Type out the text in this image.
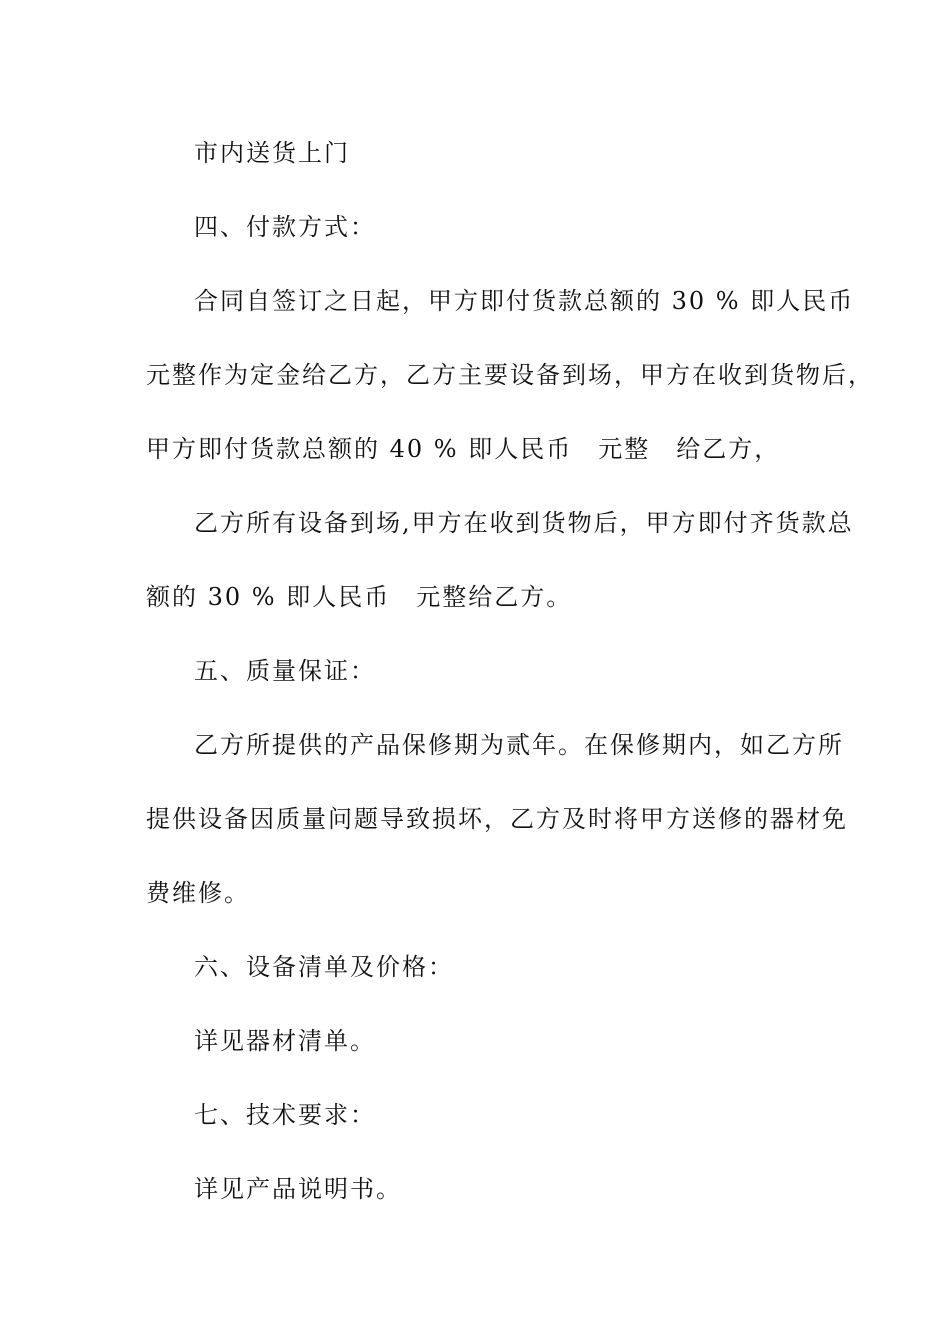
市内送货上门
四、付款方式：
合同自签订之日起，甲方即付货款总额的 30 % 即人民币
元整作为定金给乙方，乙方主要设备到场，甲方在收到货物后，
甲方即付货款总额的 40 % 即人民币　元整　给乙方，
乙方所有设备到场,甲方在收到货物后，甲方即付齐货款总
额的 30 % 即人民币　元整给乙方。
五、质量保证：
乙方所提供的产品保修期为贰年。在保修期内，如乙方所
提供设备因质量问题导致损坏，乙方及时将甲方送修的器材免
费维修。
六、设备清单及价格：
详见器材清单。
七、技术要求：
详见产品说明书。
